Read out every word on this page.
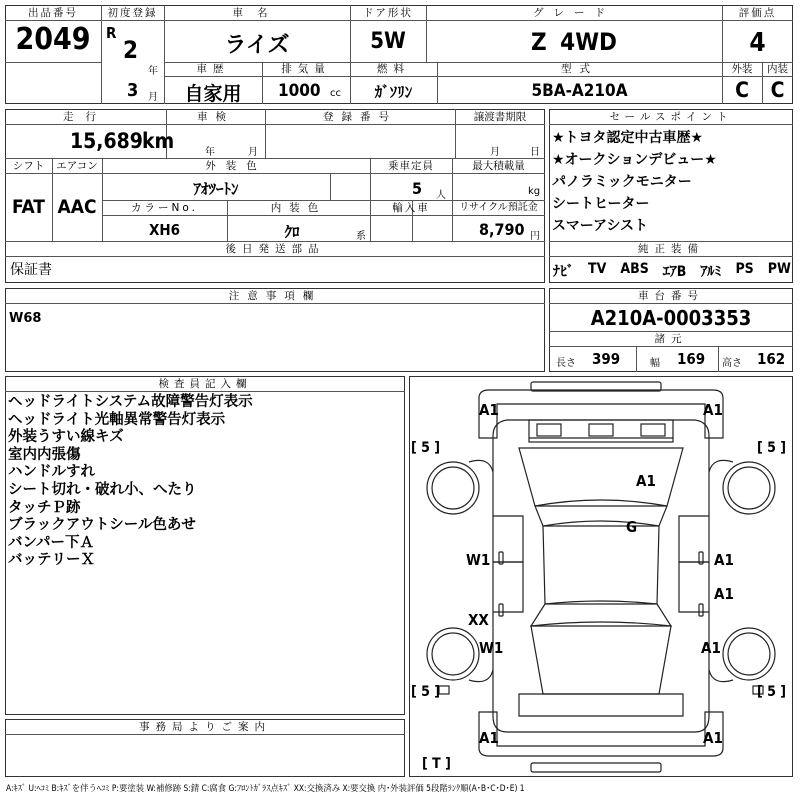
出品番号
2049
初度登録
R
2
年
3 月
車名
ライズ
ドア形状
5W
グレード
Z 4WD
評価点
4
車歴
自家用
排気量
1000 cc
燃料
ｶﾞｿﾘﾝ
型式
5BA-A210A
外装
C
内装
C
走行
15,689 km
車検
年	月
登録番号	譲渡書期限
月	日
シフト
FAT
エアコン
AAC
外装色
ｱｵﾂｰﾄﾝ
乗車定員
5 人
最大積載量
kg
カラーNo.
XH6
内装色
ｸﾛ	系
輸入車	リサイクル預託金
8,790 円
後日発送部品
保証書
セールスポイント
★トヨタ認定中古車歴★
★オークションデビュー★
パノラミックモニター
シートヒーター
スマーアシスト
純正装備
ﾅﾋﾞ TV ABS ｴｱB ｱﾙﾐ PS PW
注意事項欄
W68
車台番号
A210A-0003353
諸元
長さ 399	幅 169 高さ 162
検査員記入欄
ヘッドライトシステム故障警告灯表示
ヘッドライト光軸異常警告灯表示
外装うすい線キズ
室内内張傷
ハンドルすれ
シート切れ・破れ小、へたり
タッチＰ跡
ブラックアウトシール色あせ
バンパー下Ａ
バッテリーＸ
事務局よりご案内
[ 5 ]	[ 5 ]
[ 5 ]	[ 5 ]
[ T ]
A1	A1
A1
G
W1	A1
A1
XX
W1	A1
A1	A1
A:ｷｽﾞ U:ﾍｺﾐ B:ｷｽﾞを伴うﾍｺﾐ P:要塗装 W:補修跡 S:錆 C:腐食 G:ﾌﾛﾝﾄｶﾞﾗｽ点ｷｽﾞ XX:交換済み X:要交換 内･外装評価 5段階ﾗﾝｸ順(A･B･C･D･E) 1
